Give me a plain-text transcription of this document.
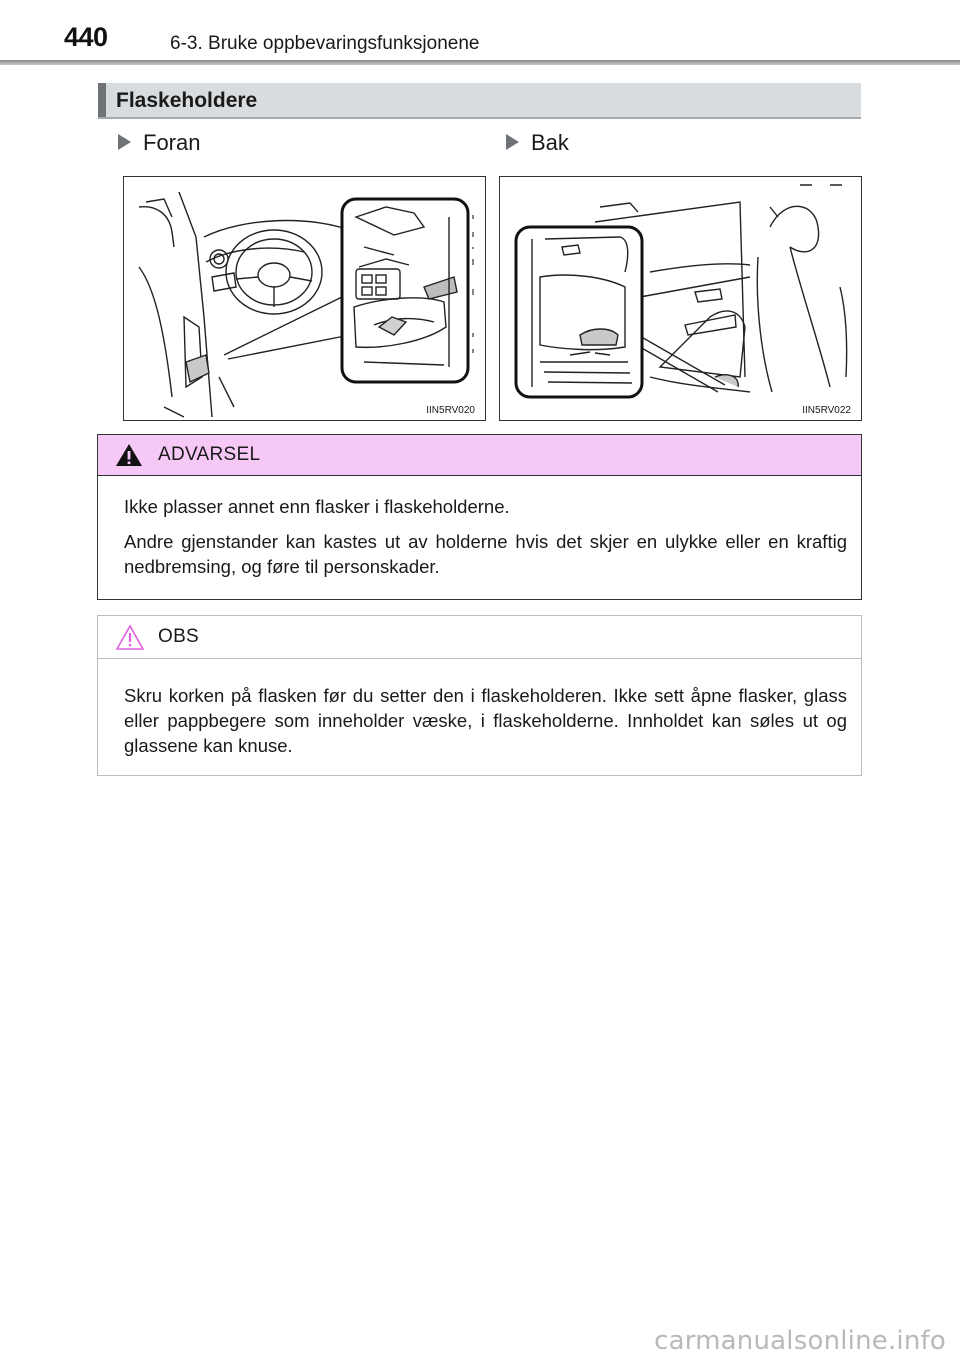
440	6-3. Bruke oppbevaringsfunksjonene
Flaskeholdere
Foran	Bak
IIN5RV020	IIN5RV022
ADVARSEL

Ikke plasser annet enn flasker i flaskeholderne.

Andre gjenstander kan kastes ut av holderne hvis det skjer en ulykke eller en kraftig nedbremsing, og føre til personskader.

OBS

Skru korken på flasken før du setter den i flaskeholderen. Ikke sett åpne flasker, glass eller pappbegere som inneholder væske, i flaskeholderne. Innholdet kan søles ut og glassene kan knuse.

carmanualsonline.info
